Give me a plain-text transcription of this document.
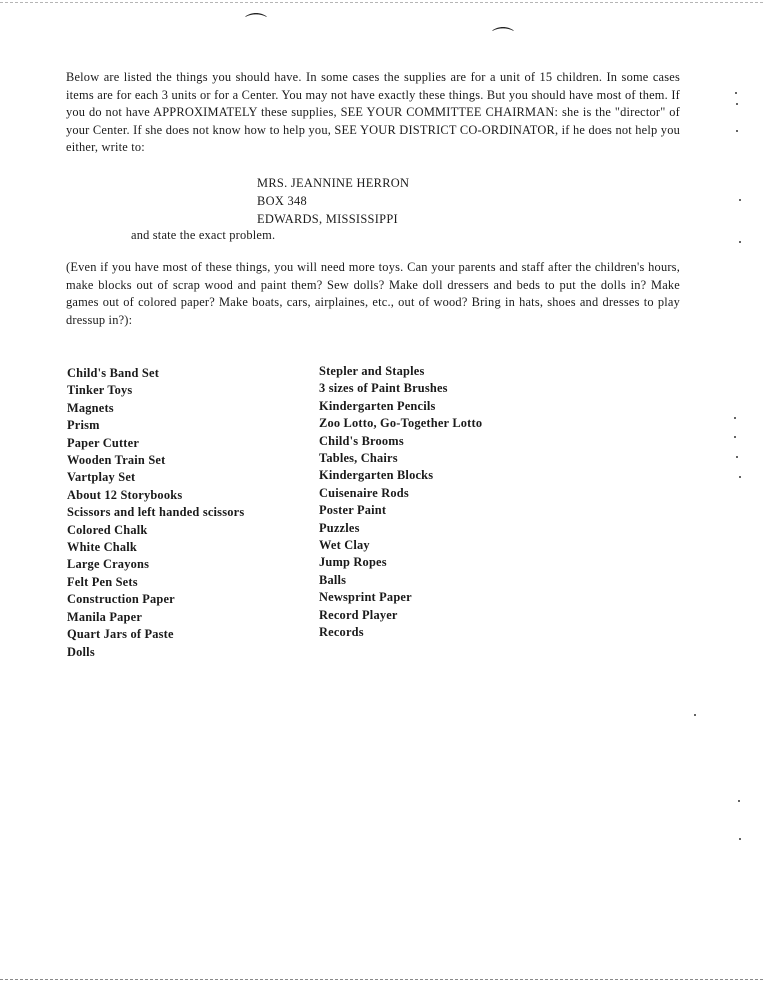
⌒
⌒

Below are listed the things you should have. In some cases the supplies are for a unit of 15 children. In some cases items are for each 3 units or for a Center. You may not have exactly these things. But you should have most of them. If you do not have APPROXIMATELY these supplies, SEE YOUR COMMITTEE CHAIRMAN: she is the "director" of your Center. If she does not know how to help you, SEE YOUR DISTRICT CO-ORDINATOR, if he does not help you either, write to:

MRS. JEANNINE HERRON
BOX 348
EDWARDS, MISSISSIPPI
and state the exact problem.

(Even if you have most of these things, you will need more toys. Can your parents and staff after the children's hours, make blocks out of scrap wood and paint them? Sew dolls? Make doll dressers and beds to put the dolls in? Make games out of colored paper? Make boats, cars, airplaines, etc., out of wood? Bring in hats, shoes and dresses to play dressup in?):

Child's Band Set
Tinker Toys
Magnets
Prism
Paper Cutter
Wooden Train Set
Vartplay Set
About 12 Storybooks
Scissors and left handed scissors
Colored Chalk
White Chalk
Large Crayons
Felt Pen Sets
Construction Paper
Manila Paper
Quart Jars of Paste
Dolls
Stepler and Staples
3 sizes of Paint Brushes
Kindergarten Pencils
Zoo Lotto, Go-Together Lotto
Child's Brooms
Tables, Chairs
Kindergarten Blocks
Cuisenaire Rods
Poster Paint
Puzzles
Wet Clay
Jump Ropes
Balls
Newsprint Paper
Record Player
Records
